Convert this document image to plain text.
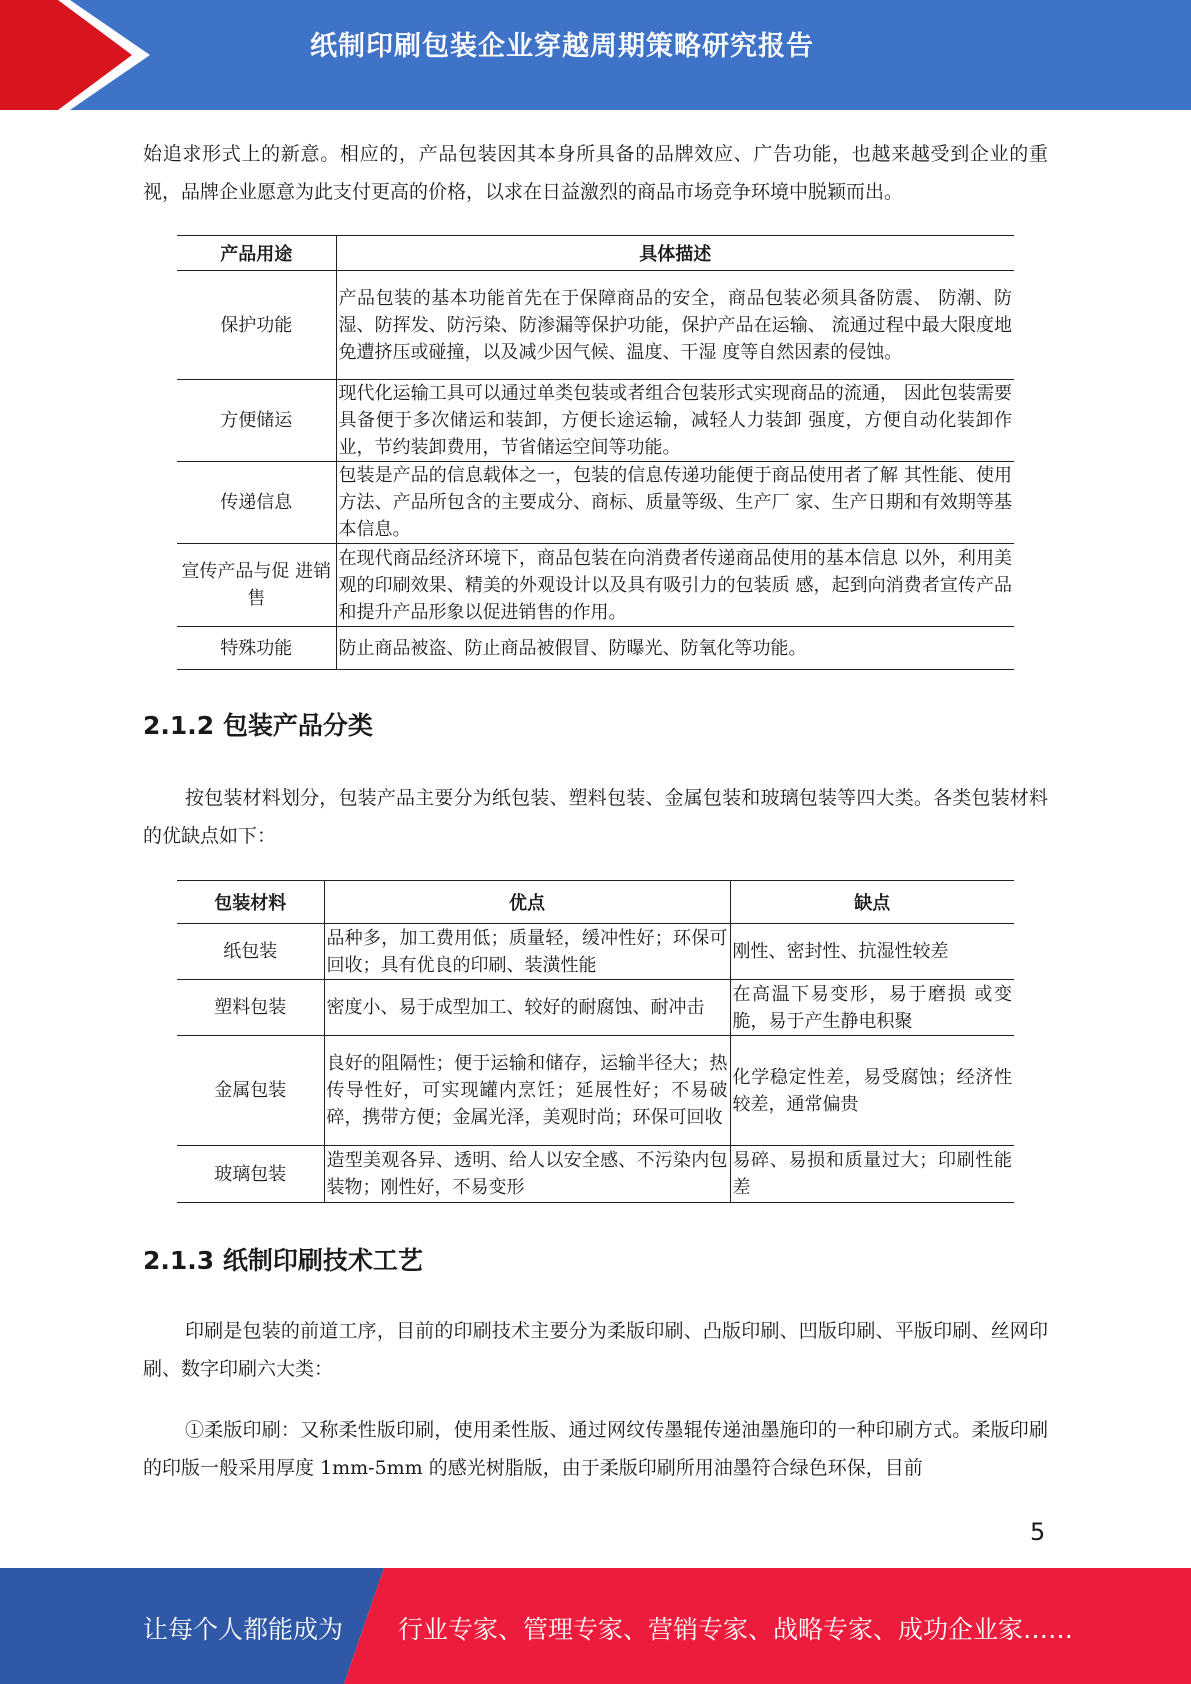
纸制印刷包装企业穿越周期策略研究报告
始追求形式上的新意。相应的，产品包装因其本身所具备的品牌效应、广告功能，也越来越受到企业的重视，品牌企业愿意为此支付更高的价格，以求在日益激烈的商品市场竞争环境中脱颖而出。
产品用途	具体描述
保护功能	产品包装的基本功能首先在于保障商品的安全，商品包装必须具备防震、 防潮、防湿、防挥发、防污染、防渗漏等保护功能，保护产品在运输、 流通过程中最大限度地免遭挤压或碰撞，以及减少因气候、温度、干湿 度等自然因素的侵蚀。
方便储运	现代化运输工具可以通过单类包装或者组合包装形式实现商品的流通， 因此包装需要具备便于多次储运和装卸，方便长途运输，减轻人力装卸 强度，方便自动化装卸作业，节约装卸费用，节省储运空间等功能。
传递信息	包装是产品的信息载体之一，包装的信息传递功能便于商品使用者了解 其性能、使用方法、产品所包含的主要成分、商标、质量等级、生产厂 家、生产日期和有效期等基本信息。
宣传产品与促 进销售	在现代商品经济环境下，商品包装在向消费者传递商品使用的基本信息 以外，利用美观的印刷效果、精美的外观设计以及具有吸引力的包装质 感，起到向消费者宣传产品和提升产品形象以促进销售的作用。
特殊功能	防止商品被盗、防止商品被假冒、防曝光、防氧化等功能。
2.1.2 包装产品分类
按包装材料划分，包装产品主要分为纸包装、塑料包装、金属包装和玻璃包装等四大类。各类包装材料的优缺点如下：
包装材料	优点	缺点
纸包装	品种多，加工费用低；质量轻，缓冲性好；环保可回收；具有优良的印刷、装潢性能	刚性、密封性、抗湿性较差
塑料包装	密度小、易于成型加工、较好的耐腐蚀、耐冲击	在高温下易变形，易于磨损 或变脆，易于产生静电积聚
金属包装	良好的阻隔性；便于运输和储存，运输半径大；热传导性好，可实现罐内烹饪；延展性好；不易破碎，携带方便；金属光泽，美观时尚；环保可回收	化学稳定性差，易受腐蚀；经济性较差，通常偏贵
玻璃包装	造型美观各异、透明、给人以安全感、不污染内包装物；刚性好，不易变形	易碎、易损和质量过大；印刷性能差
2.1.3 纸制印刷技术工艺
印刷是包装的前道工序，目前的印刷技术主要分为柔版印刷、凸版印刷、凹版印刷、平版印刷、丝网印刷、数字印刷六大类：
①柔版印刷：又称柔性版印刷，使用柔性版、通过网纹传墨辊传递油墨施印的一种印刷方式。柔版印刷的印版一般采用厚度 1mm-5mm 的感光树脂版，由于柔版印刷所用油墨符合绿色环保，目前
5
让每个人都能成为 行业专家、管理专家、营销专家、战略专家、成功企业家……
